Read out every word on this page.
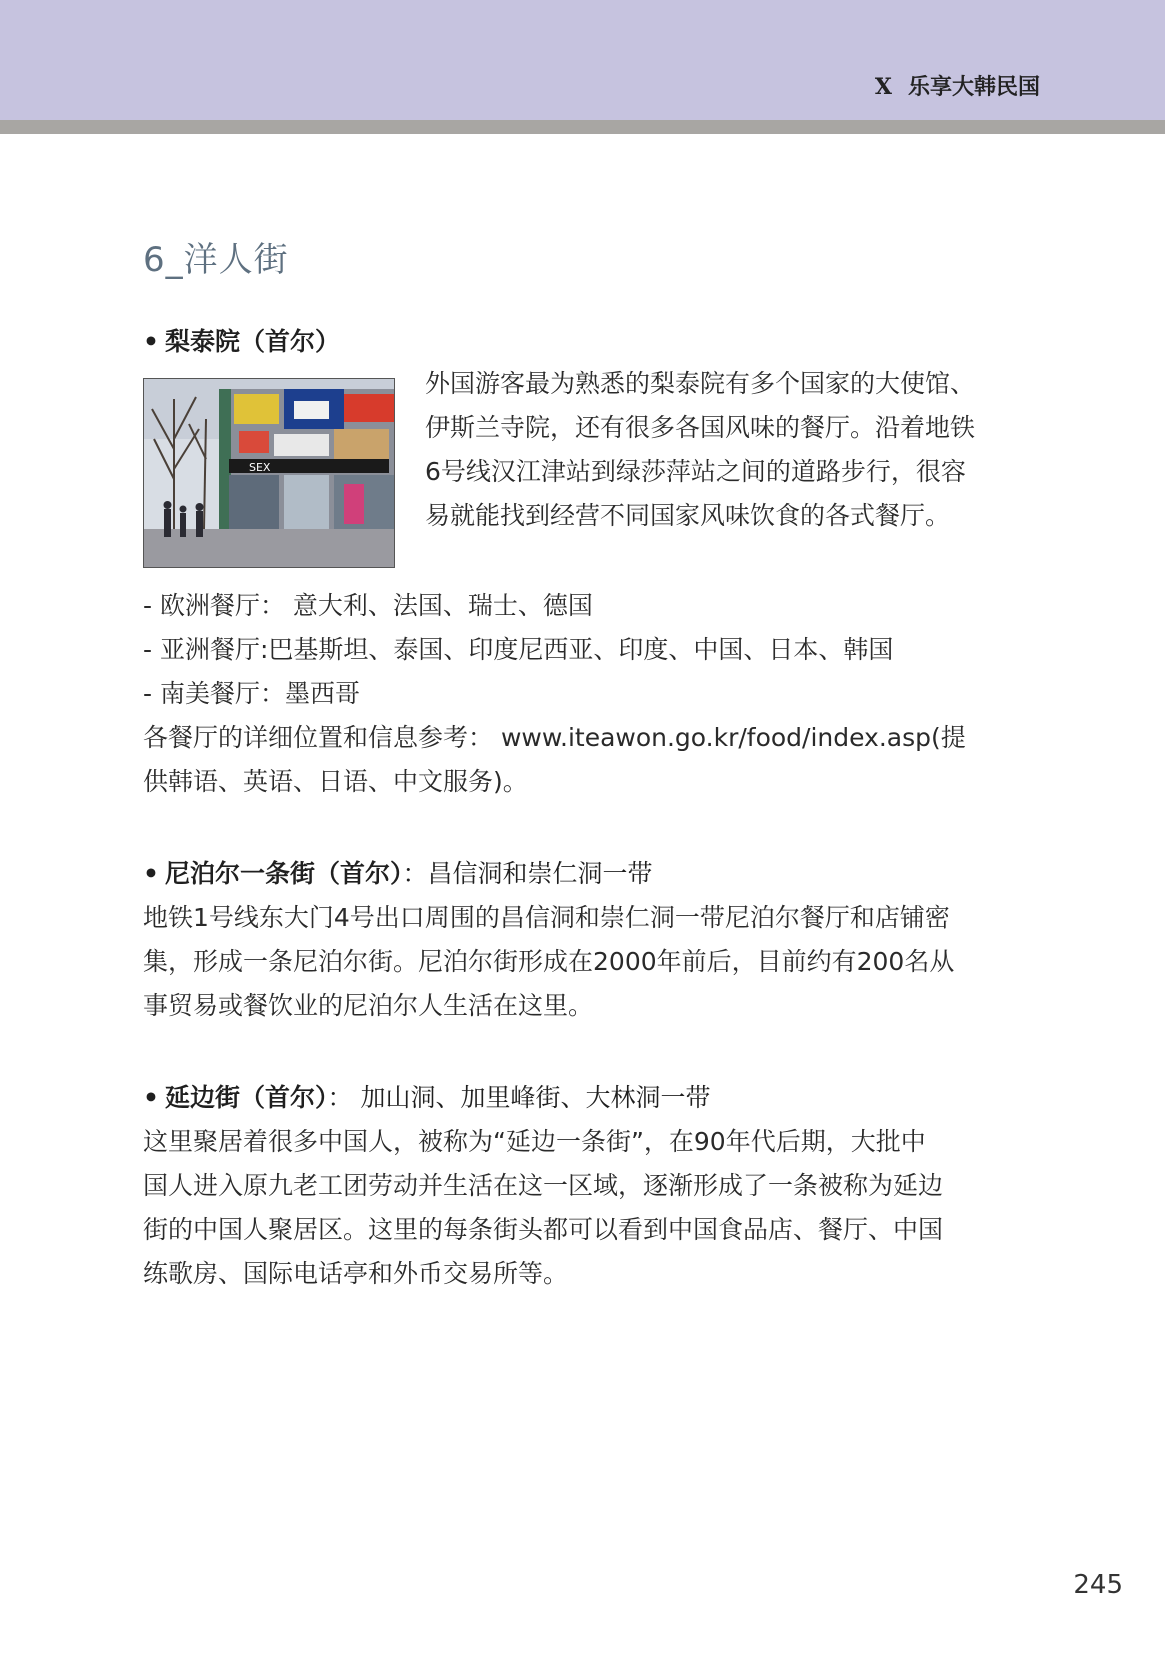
X 乐享大韩民国
6_洋人街
• 梨泰院（首尔）
SEX

外国游客最为熟悉的梨泰院有多个国家的大使馆、

伊斯兰寺院，还有很多各国风味的餐厅。沿着地铁

6号线汉江津站到绿莎萍站之间的道路步行，很容

易就能找到经营不同国家风味饮食的各式餐厅。

- 欧洲餐厅： 意大利、法国、瑞士、德国

- 亚洲餐厅:巴基斯坦、泰国、印度尼西亚、印度、中国、日本、韩国

- 南美餐厅：墨西哥

各餐厅的详细位置和信息参考： www.iteawon.go.kr/food/index.asp(提

供韩语、英语、日语、中文服务)。

• 尼泊尔一条街（首尔）：昌信洞和崇仁洞一带

地铁1号线东大门4号出口周围的昌信洞和崇仁洞一带尼泊尔餐厅和店铺密

集，形成一条尼泊尔街。尼泊尔街形成在2000年前后，目前约有200名从

事贸易或餐饮业的尼泊尔人生活在这里。

• 延边街（首尔）： 加山洞、加里峰街、大林洞一带

这里聚居着很多中国人，被称为“延边一条街”，在90年代后期，大批中

国人进入原九老工团劳动并生活在这一区域，逐渐形成了一条被称为延边

街的中国人聚居区。这里的每条街头都可以看到中国食品店、餐厅、中国

练歌房、国际电话亭和外币交易所等。

245
